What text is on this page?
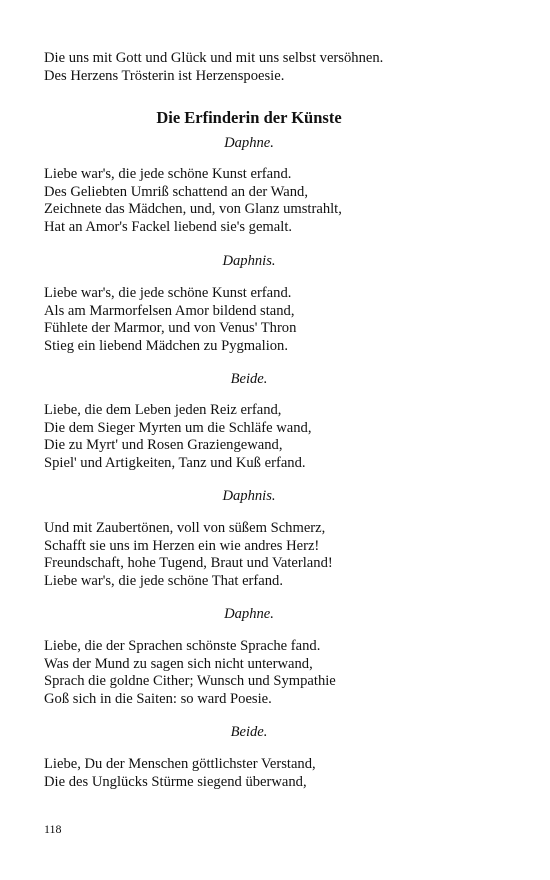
Die uns mit Gott und Glück und mit uns selbst versöhnen.
Des Herzens Trösterin ist Herzenspoesie.
Die Erfinderin der Künste
Daphne.
Liebe war's, die jede schöne Kunst erfand.
Des Geliebten Umriß schattend an der Wand,
Zeichnete das Mädchen, und, von Glanz umstrahlt,
Hat an Amor's Fackel liebend sie's gemalt.
Daphnis.
Liebe war's, die jede schöne Kunst erfand.
Als am Marmorfelsen Amor bildend stand,
Fühlete der Marmor, und von Venus' Thron
Stieg ein liebend Mädchen zu Pygmalion.
Beide.
Liebe, die dem Leben jeden Reiz erfand,
Die dem Sieger Myrten um die Schläfe wand,
Die zu Myrt' und Rosen Graziengewand,
Spiel' und Artigkeiten, Tanz und Kuß erfand.
Daphnis.
Und mit Zaubertönen, voll von süßem Schmerz,
Schafft sie uns im Herzen ein wie andres Herz!
Freundschaft, hohe Tugend, Braut und Vaterland!
Liebe war's, die jede schöne That erfand.
Daphne.
Liebe, die der Sprachen schönste Sprache fand.
Was der Mund zu sagen sich nicht unterwand,
Sprach die goldne Cither; Wunsch und Sympathie
Goß sich in die Saiten: so ward Poesie.
Beide.
Liebe, Du der Menschen göttlichster Verstand,
Die des Unglücks Stürme siegend überwand,
118
